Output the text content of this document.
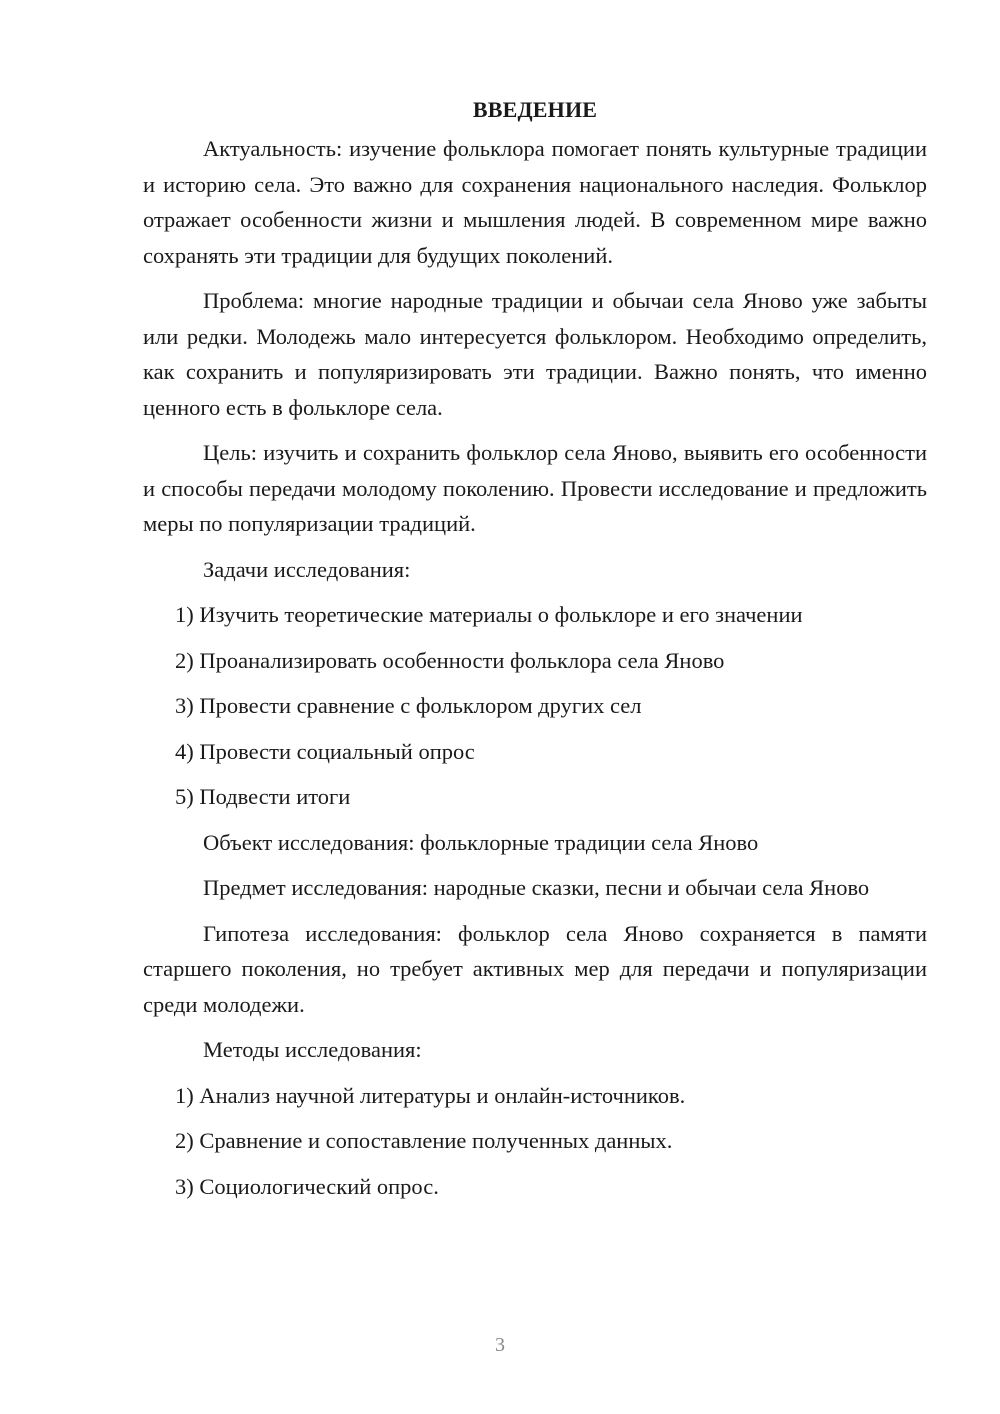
ВВЕДЕНИЕ

Актуальность: изучение фольклора помогает понять культурные традиции и историю села. Это важно для сохранения национального наследия. Фольклор отражает особенности жизни и мышления людей. В современном мире важно сохранять эти традиции для будущих поколений.

Проблема: многие народные традиции и обычаи села Яново уже забыты или редки. Молодежь мало интересуется фольклором. Необходимо определить, как сохранить и популяризировать эти традиции. Важно понять, что именно ценного есть в фольклоре села.

Цель: изучить и сохранить фольклор села Яново, выявить его особенности и способы передачи молодому поколению. Провести исследование и предложить меры по популяризации традиций.

Задачи исследования:
1) Изучить теоретические материалы о фольклоре и его значении
2) Проанализировать особенности фольклора села Яново
3) Провести сравнение с фольклором других сел
4) Провести социальный опрос
5) Подвести итоги
Объект исследования: фольклорные традиции села Яново

Предмет исследования: народные сказки, песни и обычаи села Яново

Гипотеза исследования: фольклор села Яново сохраняется в памяти старшего поколения, но требует активных мер для передачи и популяризации среди молодежи.

Методы исследования:
1) Анализ научной литературы и онлайн-источников.
2) Сравнение и сопоставление полученных данных.
3) Социологический опрос.
3
